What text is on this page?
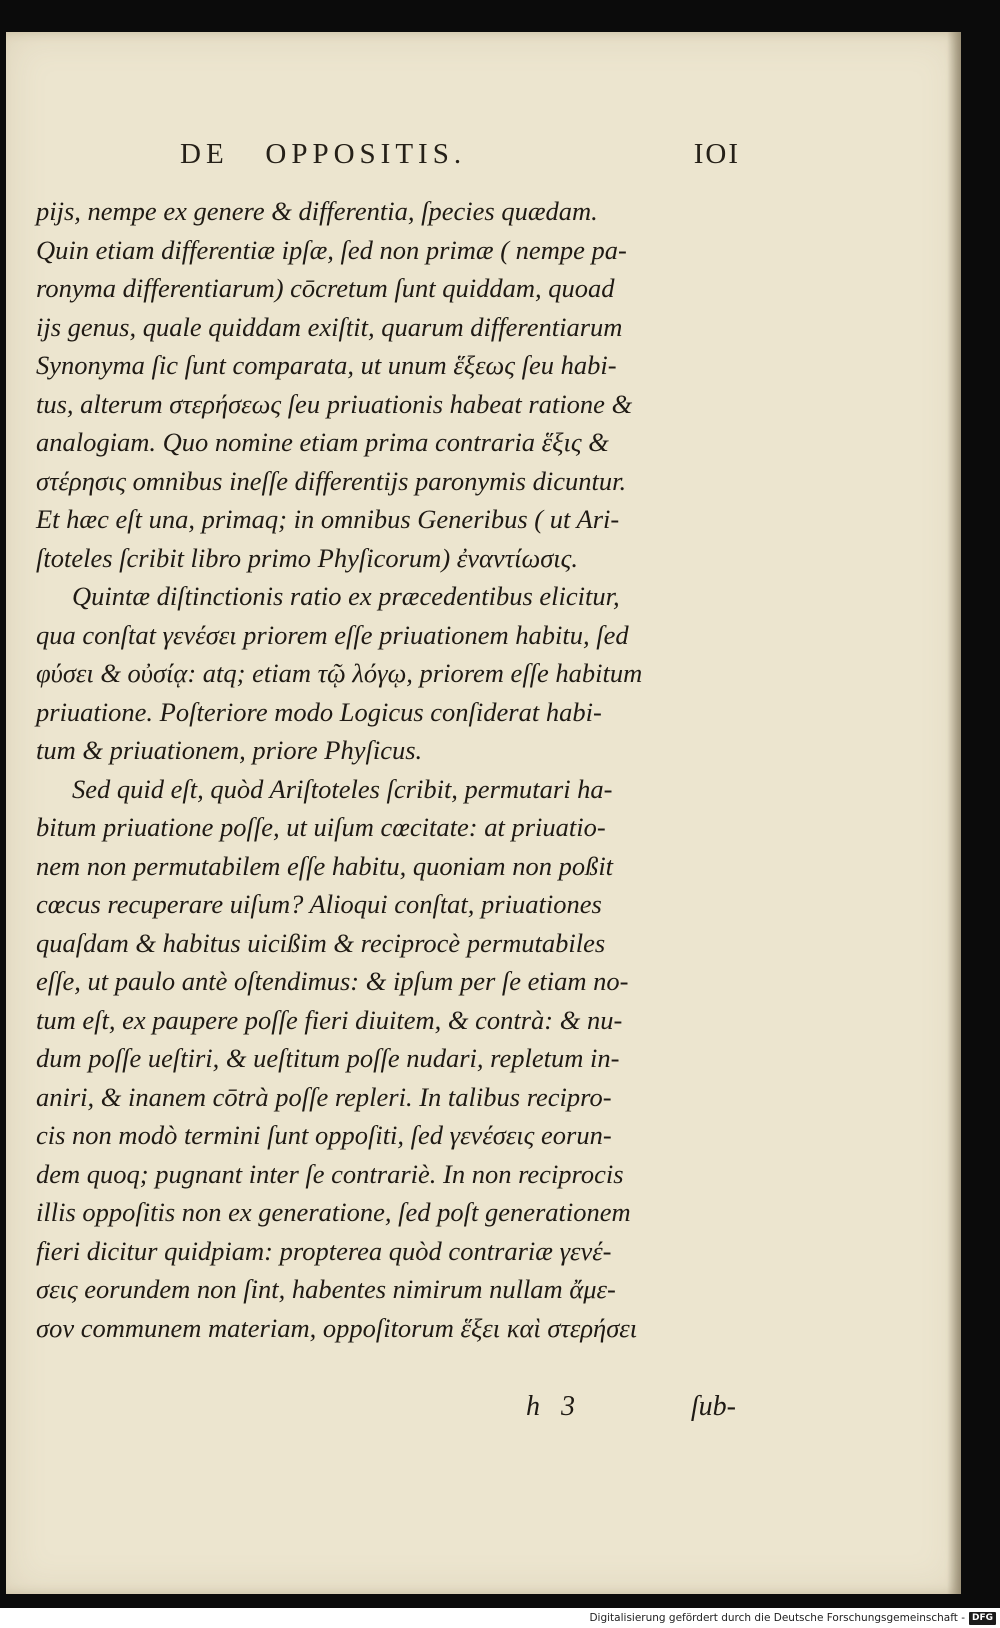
DE   OPPOSITIS.	IOI
pijs, nempe ex genere & differentia, ſpecies quædam.
Quin etiam differentiæ ipſæ, ſed non primæ ( nempe pa-
ronyma differentiarum) cōcretum ſunt quiddam, quoad
ijs genus, quale quiddam exiſtit, quarum differentiarum
Synonyma ſic ſunt comparata, ut unum ἕξεως ſeu habi-
tus, alterum στερήσεως ſeu priuationis habeat ratione &
analogiam. Quo nomine etiam prima contraria ἕξις &
στέρησις omnibus ineſſe differentijs paronymis dicuntur.
Et hæc eſt una, primaq; in omnibus Generibus ( ut Ari-
ſtoteles ſcribit libro primo Phyſicorum) ἐναντίωσις.
Quintæ diſtinctionis ratio ex præcedentibus elicitur,
qua conſtat γενέσει priorem eſſe priuationem habitu, ſed
φύσει & οὐσίᾳ: atq; etiam τῷ λόγῳ, priorem eſſe habitum
priuatione. Poſteriore modo Logicus conſiderat habi-
tum & priuationem, priore Phyſicus.
Sed quid eſt, quòd Ariſtoteles ſcribit, permutari ha-
bitum priuatione poſſe, ut uiſum cœcitate: at priuatio-
nem non permutabilem eſſe habitu, quoniam non poßit
cœcus recuperare uiſum? Alioqui conſtat, priuationes
quaſdam & habitus uicißim & reciprocè permutabiles
eſſe, ut paulo antè oſtendimus: & ipſum per ſe etiam no-
tum eſt, ex paupere poſſe fieri diuitem, & contrà: & nu-
dum poſſe ueſtiri, & ueſtitum poſſe nudari, repletum in-
aniri, & inanem cōtrà poſſe repleri. In talibus recipro-
cis non modò termini ſunt oppoſiti, ſed γενέσεις eorun-
dem quoq; pugnant inter ſe contrariè. In non reciprocis
illis oppoſitis non ex generatione, ſed poſt generationem
fieri dicitur quidpiam: propterea quòd contrariæ γενέ-
σεις eorundem non ſint, habentes nimirum nullam ἄμε-
σον communem materiam, oppoſitorum ἕξει καὶ στερήσει
h   3	ſub-
Digitalisierung gefördert durch die Deutsche Forschungsgemeinschaft - DFG
